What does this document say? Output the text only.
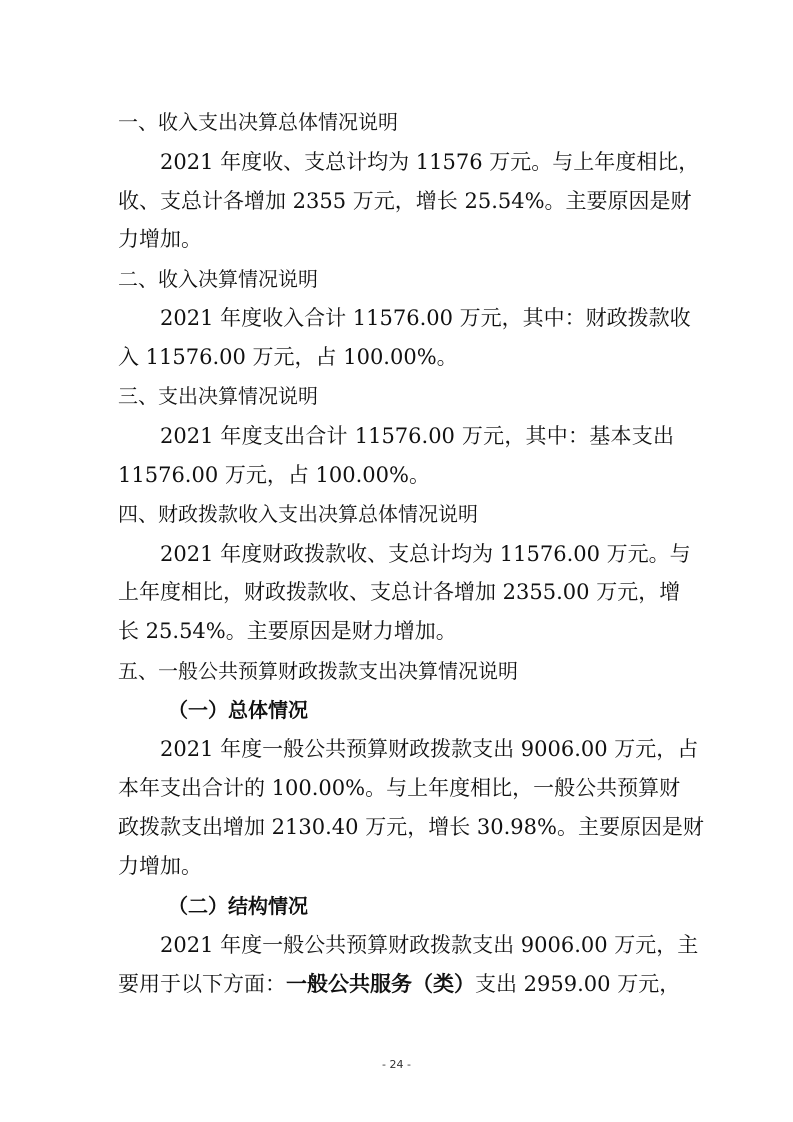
一、收入支出决算总体情况说明
2021 年度收、支总计均为 11576 万元。与上年度相比，
收、支总计各增加 2355 万元，增长 25.54%。主要原因是财
力增加。
二、收入决算情况说明
2021 年度收入合计 11576.00 万元，其中：财政拨款收
入 11576.00 万元，占 100.00%。
三、支出决算情况说明
2021 年度支出合计 11576.00 万元，其中：基本支出
11576.00 万元，占 100.00%。
四、财政拨款收入支出决算总体情况说明
2021 年度财政拨款收、支总计均为 11576.00 万元。与
上年度相比，财政拨款收、支总计各增加 2355.00 万元，增
长 25.54%。主要原因是财力增加。
五、一般公共预算财政拨款支出决算情况说明
（一）总体情况
2021 年度一般公共预算财政拨款支出 9006.00 万元，占
本年支出合计的 100.00%。与上年度相比，一般公共预算财
政拨款支出增加 2130.40 万元，增长 30.98%。主要原因是财
力增加。
（二）结构情况
2021 年度一般公共预算财政拨款支出 9006.00 万元，主
要用于以下方面： 一般公共服务（类） 支出 2959.00 万元，
- 24 -
